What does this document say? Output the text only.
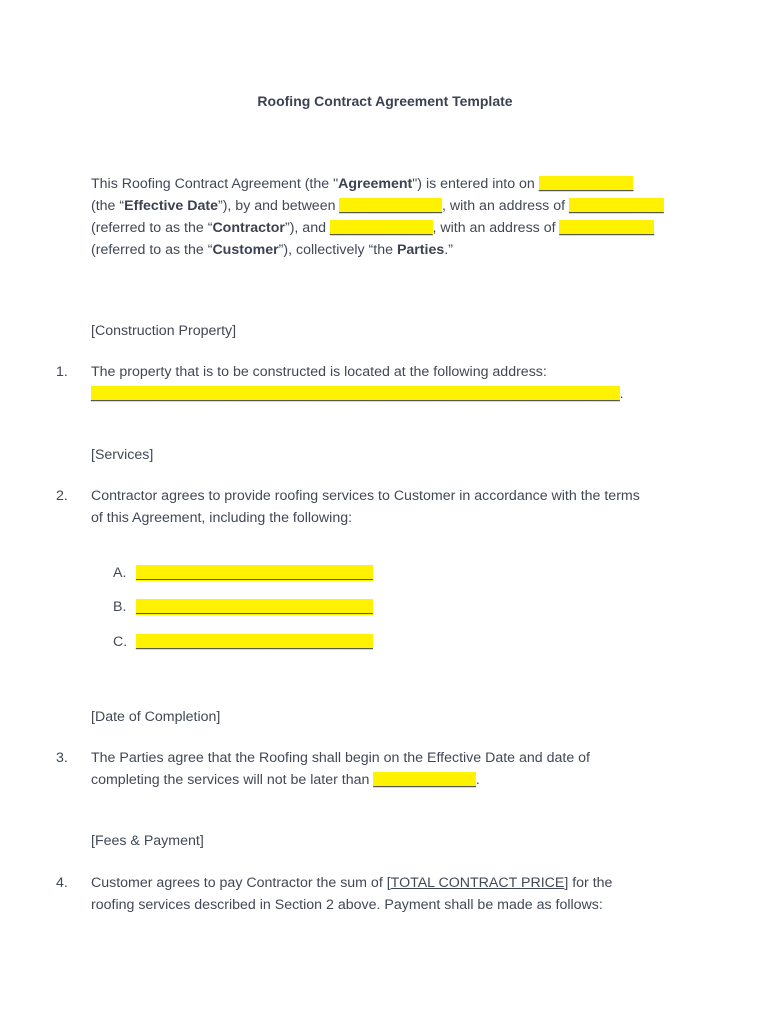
Roofing Contract Agreement Template
This Roofing Contract Agreement (the "Agreement") is entered into on ____________
(the “Effective Date”), by and between _____________, with an address of ____________
(referred to as the “Contractor”), and _____________, with an address of ____________
(referred to as the “Customer”), collectively “the Parties.”
[Construction Property]
1. The property that is to be constructed is located at the following address:
___________________________________________________________________.
[Services]
2. Contractor agrees to provide roofing services to Customer in accordance with the terms
of this Agreement, including the following:
A. ______________________________
B. ______________________________
C. ______________________________
[Date of Completion]
3. The Parties agree that the Roofing shall begin on the Effective Date and date of
completing the services will not be later than _____________.
[Fees & Payment]
4. Customer agrees to pay Contractor the sum of [TOTAL CONTRACT PRICE] for the
roofing services described in Section 2 above. Payment shall be made as follows:
